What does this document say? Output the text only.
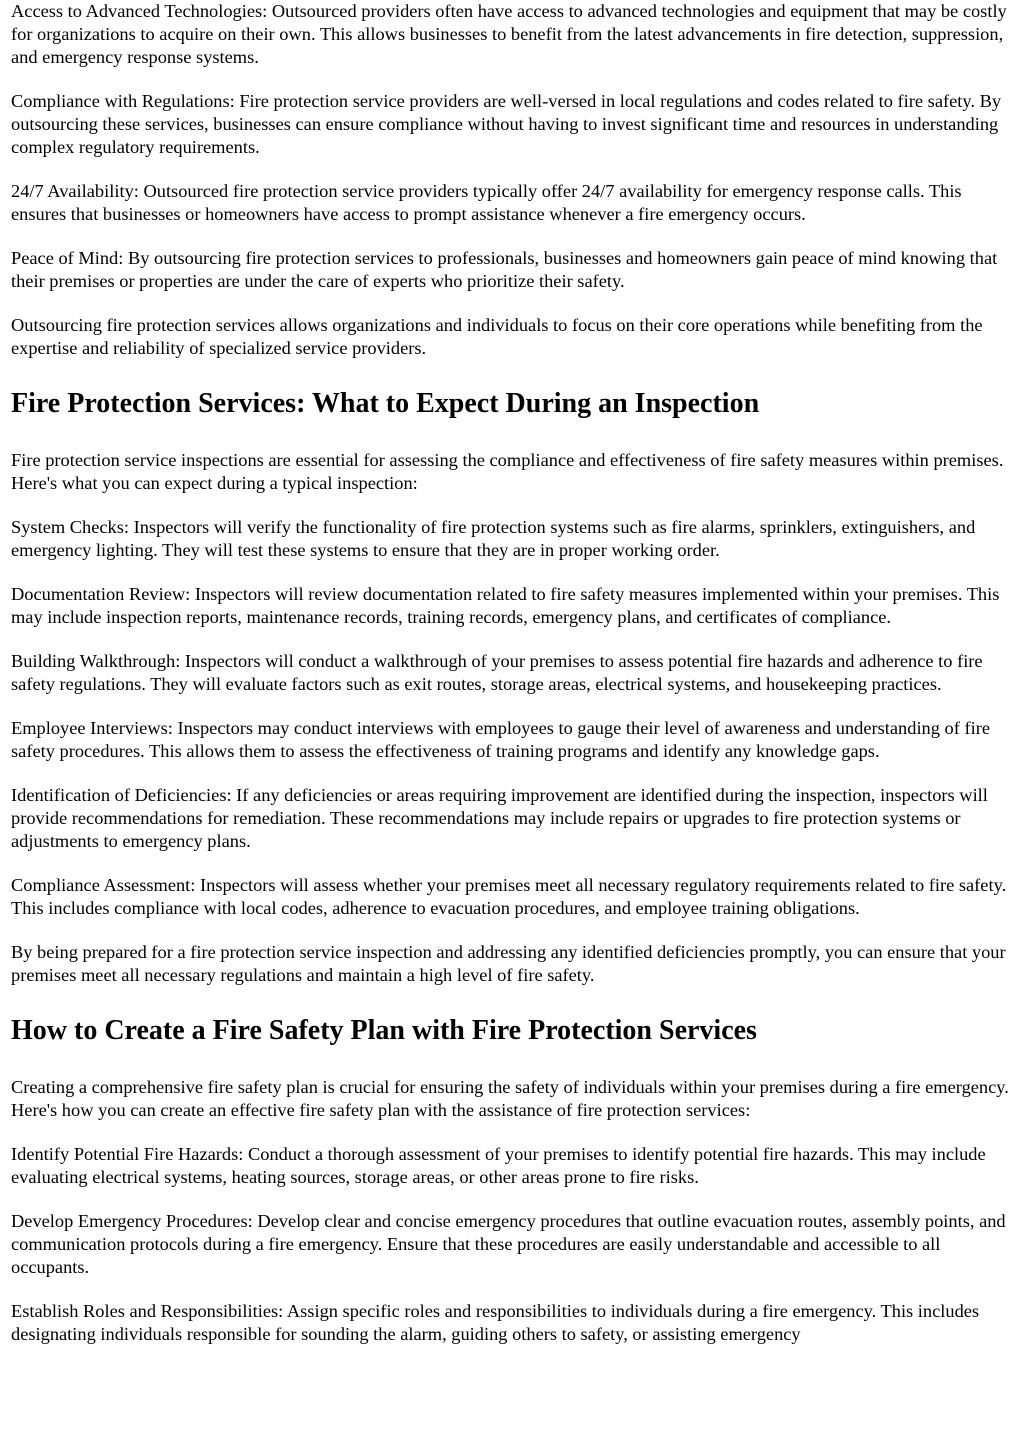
Access to Advanced Technologies: Outsourced providers often have access to advanced technologies and equipment that may be costly for organizations to acquire on their own. This allows businesses to benefit from the latest advancements in fire detection, suppression, and emergency response systems.

Compliance with Regulations: Fire protection service providers are well-versed in local regulations and codes related to fire safety. By outsourcing these services, businesses can ensure compliance without having to invest significant time and resources in understanding complex regulatory requirements.

24/7 Availability: Outsourced fire protection service providers typically offer 24/7 availability for emergency response calls. This ensures that businesses or homeowners have access to prompt assistance whenever a fire emergency occurs.

Peace of Mind: By outsourcing fire protection services to professionals, businesses and homeowners gain peace of mind knowing that their premises or properties are under the care of experts who prioritize their safety.

Outsourcing fire protection services allows organizations and individuals to focus on their core operations while benefiting from the expertise and reliability of specialized service providers.

Fire Protection Services: What to Expect During an Inspection

Fire protection service inspections are essential for assessing the compliance and effectiveness of fire safety measures within premises. Here's what you can expect during a typical inspection:

System Checks: Inspectors will verify the functionality of fire protection systems such as fire alarms, sprinklers, extinguishers, and emergency lighting. They will test these systems to ensure that they are in proper working order.

Documentation Review: Inspectors will review documentation related to fire safety measures implemented within your premises. This may include inspection reports, maintenance records, training records, emergency plans, and certificates of compliance.

Building Walkthrough: Inspectors will conduct a walkthrough of your premises to assess potential fire hazards and adherence to fire safety regulations. They will evaluate factors such as exit routes, storage areas, electrical systems, and housekeeping practices.

Employee Interviews: Inspectors may conduct interviews with employees to gauge their level of awareness and understanding of fire safety procedures. This allows them to assess the effectiveness of training programs and identify any knowledge gaps.

Identification of Deficiencies: If any deficiencies or areas requiring improvement are identified during the inspection, inspectors will provide recommendations for remediation. These recommendations may include repairs or upgrades to fire protection systems or adjustments to emergency plans.

Compliance Assessment: Inspectors will assess whether your premises meet all necessary regulatory requirements related to fire safety. This includes compliance with local codes, adherence to evacuation procedures, and employee training obligations.

By being prepared for a fire protection service inspection and addressing any identified deficiencies promptly, you can ensure that your premises meet all necessary regulations and maintain a high level of fire safety.

How to Create a Fire Safety Plan with Fire Protection Services

Creating a comprehensive fire safety plan is crucial for ensuring the safety of individuals within your premises during a fire emergency. Here's how you can create an effective fire safety plan with the assistance of fire protection services:

Identify Potential Fire Hazards: Conduct a thorough assessment of your premises to identify potential fire hazards. This may include evaluating electrical systems, heating sources, storage areas, or other areas prone to fire risks.

Develop Emergency Procedures: Develop clear and concise emergency procedures that outline evacuation routes, assembly points, and communication protocols during a fire emergency. Ensure that these procedures are easily understandable and accessible to all occupants.

Establish Roles and Responsibilities: Assign specific roles and responsibilities to individuals during a fire emergency. This includes designating individuals responsible for sounding the alarm, guiding others to safety, or assisting emergency
